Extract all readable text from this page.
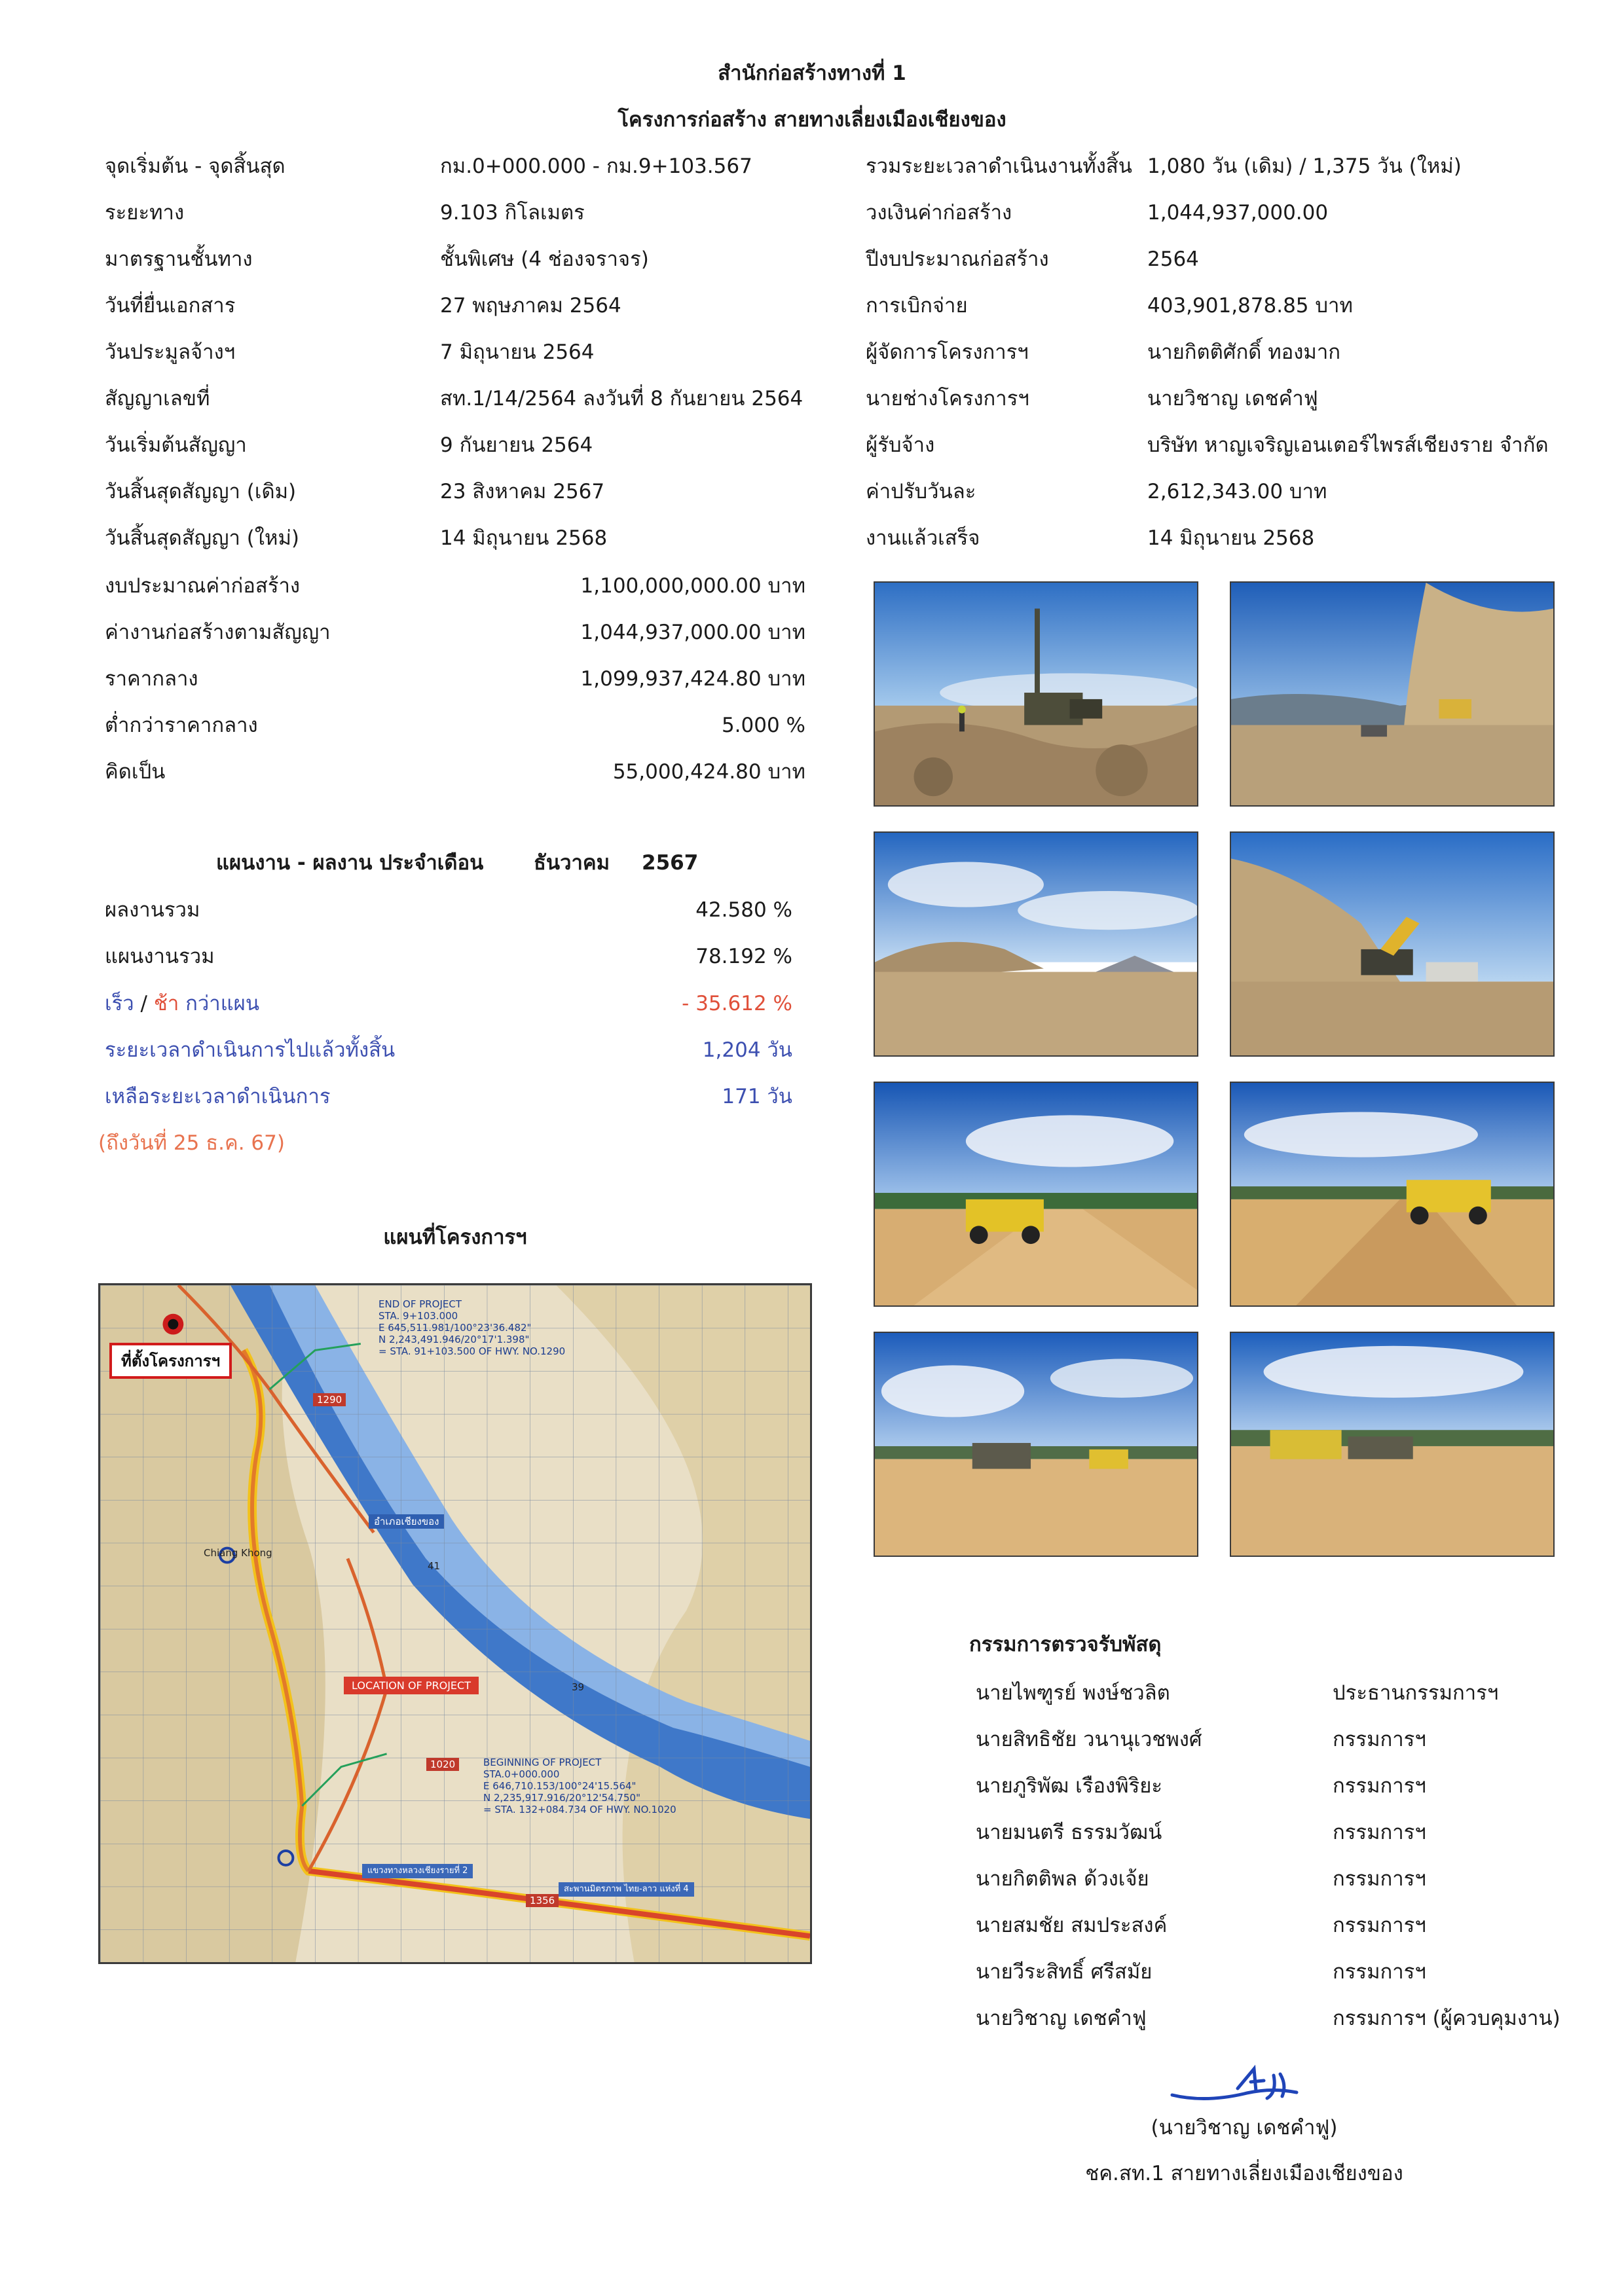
สำนักก่อสร้างทางที่ 1
โครงการก่อสร้าง สายทางเลี่ยงเมืองเชียงของ
จุดเริ่มต้น - จุดสิ้นสุด	กม.0+000.000 - กม.9+103.567
ระยะทาง	9.103 กิโลเมตร
มาตรฐานชั้นทาง	ชั้นพิเศษ (4 ช่องจราจร)
วันที่ยื่นเอกสาร	27 พฤษภาคม 2564
วันประมูลจ้างฯ	7 มิถุนายน 2564
สัญญาเลขที่	สท.1/14/2564 ลงวันที่ 8 กันยายน 2564
วันเริ่มต้นสัญญา	9 กันยายน 2564
วันสิ้นสุดสัญญา (เดิม)	23 สิงหาคม 2567
วันสิ้นสุดสัญญา (ใหม่)	14 มิถุนายน 2568
รวมระยะเวลาดำเนินงานทั้งสิ้น 1,080 วัน (เดิม) / 1,375 วัน (ใหม่)
วงเงินค่าก่อสร้าง	1,044,937,000.00
ปีงบประมาณก่อสร้าง	2564
การเบิกจ่าย	403,901,878.85 บาท
ผู้จัดการโครงการฯ	นายกิตติศักดิ์ ทองมาก
นายช่างโครงการฯ	นายวิชาญ เดชคำฟู
ผู้รับจ้าง	บริษัท หาญเจริญเอนเตอร์ไพรส์เชียงราย จำกัด
ค่าปรับวันละ	2,612,343.00 บาท
งานแล้วเสร็จ	14 มิถุนายน 2568
งบประมาณค่าก่อสร้าง	1,100,000,000.00 บาท
ค่างานก่อสร้างตามสัญญา	1,044,937,000.00 บาท
ราคากลาง	1,099,937,424.80 บาท
ต่ำกว่าราคากลาง	5.000 %
คิดเป็น	55,000,424.80 บาท
แผนงาน - ผลงาน ประจำเดือน ธันวาคม 2567
ผลงานรวม	42.580 %
แผนงานรวม	78.192 %
เร็ว / ช้า กว่าแผน	- 35.612 %
ระยะเวลาดำเนินการไปแล้วทั้งสิ้น	1,204 วัน
เหลือระยะเวลาดำเนินการ	171 วัน
(ถึงวันที่ 25 ธ.ค. 67)
แผนที่โครงการฯ
ที่ตั้งโครงการฯ
END OF PROJECT
STA. 9+103.000
E 645,511.981/100°23'36.482"
N 2,243,491.946/20°17'1.398"
= STA. 91+103.500 OF HWY. NO.1290
BEGINNING OF PROJECT
STA.0+000.000
E 646,710.153/100°24'15.564"
N 2,235,917.916/20°12'54.750"
= STA. 132+084.734 OF HWY. NO.1020
LOCATION OF PROJECT
อำเภอเชียงของ
Chiang Khong
1290
1020
1356
41
39
แขวงทางหลวงเชียงรายที่ 2
สะพานมิตรภาพ ไทย-ลาว แห่งที่ 4
กรรมการตรวจรับพัสดุ
นายไพฑูรย์ พงษ์ชวลิต	ประธานกรรมการฯ
นายสิทธิชัย วนานุเวชพงศ์	กรรมการฯ
นายภูริพัฒ เรืองพิริยะ	กรรมการฯ
นายมนตรี ธรรมวัฒน์	กรรมการฯ
นายกิตติพล ด้วงเจ้ย	กรรมการฯ
นายสมชัย สมประสงค์	กรรมการฯ
นายวีระสิทธิ์ ศรีสมัย	กรรมการฯ
นายวิชาญ เดชคำฟู	กรรมการฯ (ผู้ควบคุมงาน)
(นายวิชาญ เดชคำฟู)
ชค.สท.1 สายทางเลี่ยงเมืองเชียงของ
